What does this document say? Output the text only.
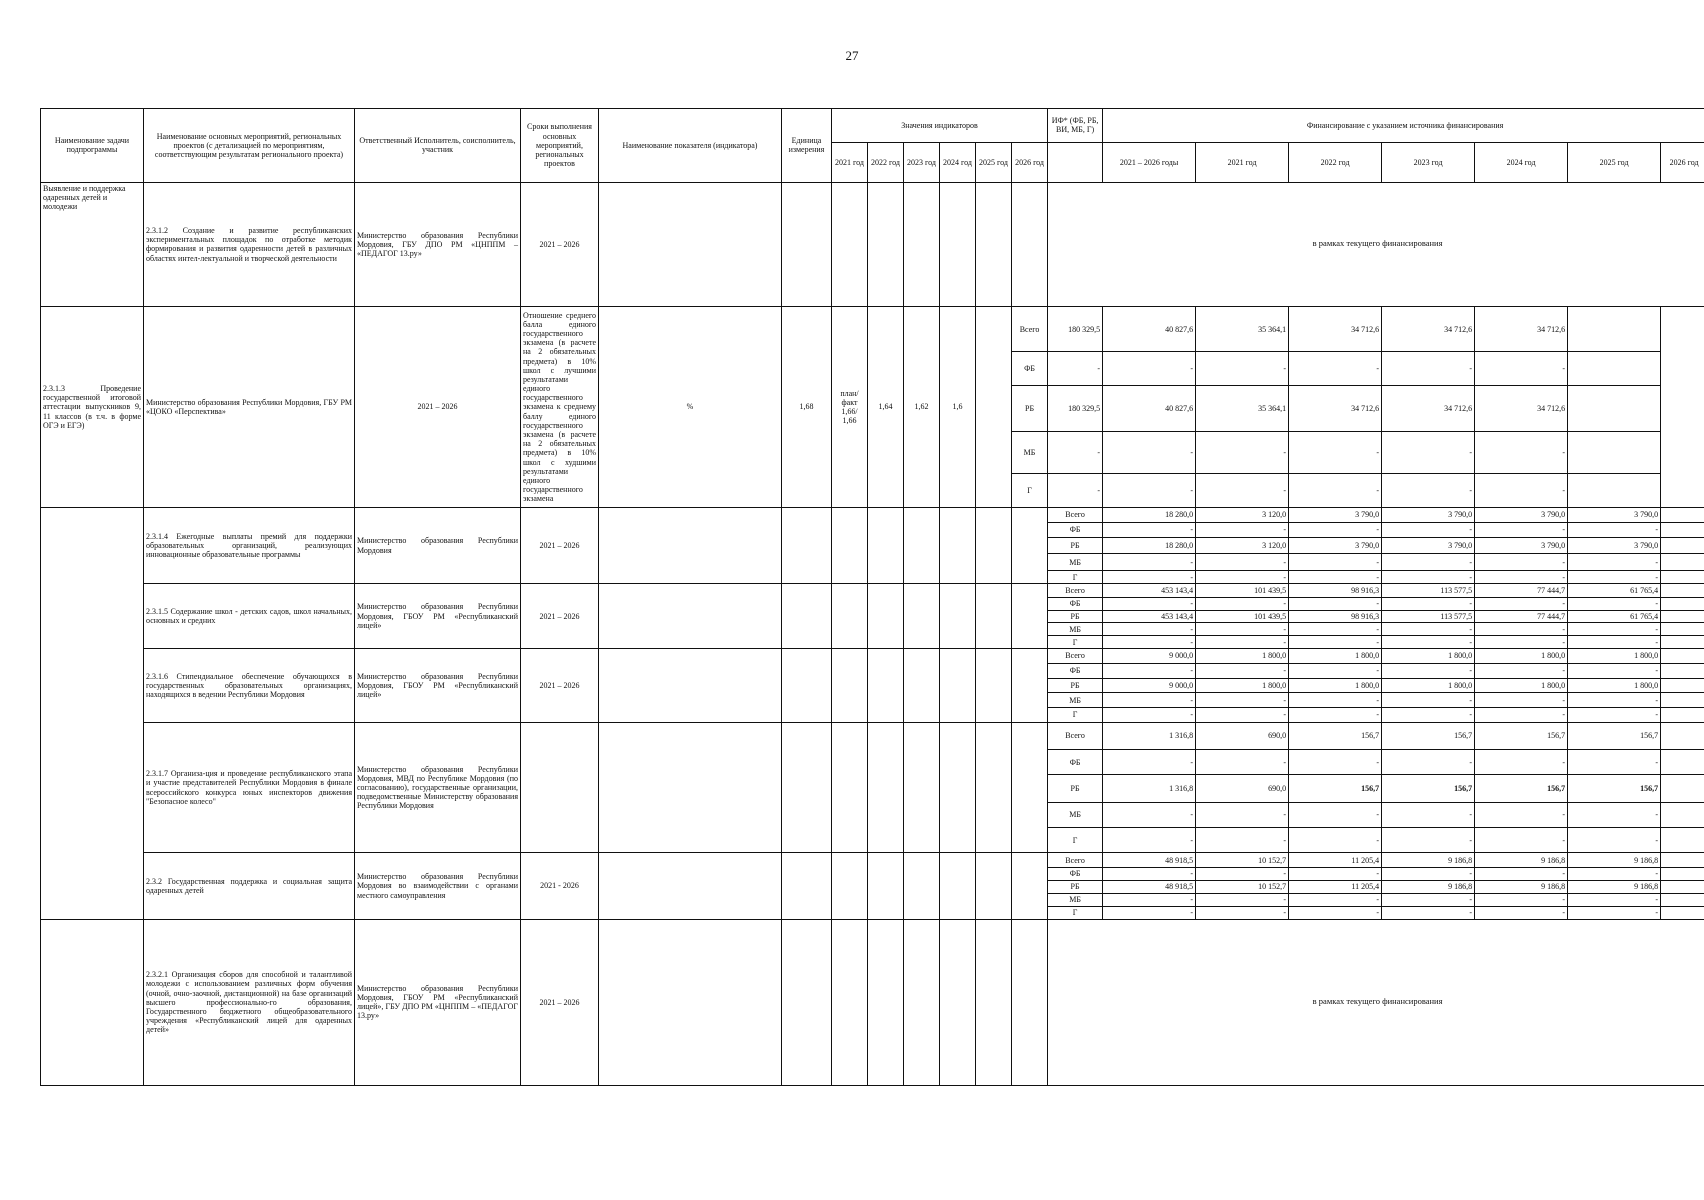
27
Наименование задачи подпрограммы	Наименование основных мероприятий, региональных проектов (с детализацией по мероприятиям, соответствующим результатам регионального проекта)	Ответственный Исполнитель, соисполнитель, участник	Сроки выполнения основных мероприятий, региональных проектов	Наименование показателя (индикатора)	Единица измерения	Значения индикаторов						ИФ* (ФБ, РБ, ВИ, МБ, Г)	Финансирование с указанием источника финансирования						
						2021 год	2022 год	2023 год	2024 год	2025 год	2026 год		2021 – 2026 годы	2021 год	2022 год	2023 год	2024 год	2025 год	2026 год
Выявление и поддержка одаренных детей и молодежи	2.3.1.2 Создание и развитие республиканских экспериментальных площадок по отработке методик формирования и развития одаренности детей в различных областях интел-лектуальной и творческой деятельности	Министерство образования Республики Мордовия, ГБУ ДПО РМ «ЦНППМ – «ПЕДАГОГ 13.ру»	2021 – 2026									в рамках текущего финансирования							
2.3.1.3 Проведение государственной итоговой аттестации выпускников 9, 11 классов (в т.ч. в форме ОГЭ и ЕГЭ)	Министерство образования Республики Мордовия, ГБУ РМ «ЦОКО «Перспектива»	2021 – 2026	Отношение среднего балла единого государственного экзамена (в расчете на 2 обязательных предмета) в 10% школ с лучшими результатами единого государственного экзамена к среднему баллу единого государственного экзамена (в расчете на 2 обязательных предмета) в 10% школ с худшими результатами единого государственного экзамена	%	1,68	план/ факт 1,66/ 1,66	1,64	1,62	1,6		Всего	180 329,5	40 827,6	35 364,1	34 712,6	34 712,6	34 712,6		
											ФБ	-	-	-	-	-	-		
											РБ	180 329,5	40 827,6	35 364,1	34 712,6	34 712,6	34 712,6		
											МБ	-	-	-	-	-	-		
											Г	-	-	-	-	-	-		
	2.3.1.4 Ежегодные выплаты премий для поддержки образовательных организаций, реализующих инновационные образовательные программы	Министерство образования Республики Мордовия	2021 – 2026									Всего	18 280,0	3 120,0	3 790,0	3 790,0	3 790,0	3 790,0	
												ФБ	-	-	-	-	-	-	
												РБ	18 280,0	3 120,0	3 790,0	3 790,0	3 790,0	3 790,0	
												МБ	-	-	-	-	-	-	
												Г	-	-	-	-	-	-	
	2.3.1.5 Содержание школ - детских садов, школ начальных, основных и средних	Министерство образования Республики Мордовия, ГБОУ РМ «Республиканский лицей»	2021 – 2026									Всего	453 143,4	101 439,5	98 916,3	113 577,5	77 444,7	61 765,4	
												ФБ	-	-	-	-	-	-	
												РБ	453 143,4	101 439,5	98 916,3	113 577,5	77 444,7	61 765,4	
												МБ	-	-	-	-	-	-	
												Г	-	-	-	-	-	-	
	2.3.1.6 Стипендиальное обеспечение обучающихся в государственных образовательных организациях, находящихся в ведении Республики Мордовия	Министерство образования Республики Мордовия, ГБОУ РМ «Республиканский лицей»	2021 – 2026									Всего	9 000,0	1 800,0	1 800,0	1 800,0	1 800,0	1 800,0	
												ФБ	-	-	-	-	-	-	
												РБ	9 000,0	1 800,0	1 800,0	1 800,0	1 800,0	1 800,0	
												МБ	-	-	-	-	-	-	
												Г	-	-	-	-	-	-	
	2.3.1.7 Организа-ция и проведение республиканского этапа и участие представителей Республики Мордовия в финале всероссийского конкурса юных инспекторов движения "Безопасное колесо"	Министерство образования Республики Мордовия, МВД по Республике Мордовия (по согласованию), государственные организации, подведомственные Министерству образования Республики Мордовия										Всего	1 316,8	690,0	156,7	156,7	156,7	156,7	
												ФБ	-	-	-	-	-	-	
												РБ	1 316,8	690,0	156,7	156,7	156,7	156,7	
												МБ	-	-	-	-	-	-	
												Г	-	-	-	-	-	-	
	2.3.2 Государственная поддержка и социальная защита одаренных детей	Министерство образования Республики Мордовия во взаимодействии с органами местного самоуправления	2021 - 2026									Всего	48 918,5	10 152,7	11 205,4	9 186,8	9 186,8	9 186,8	
												ФБ	-	-	-	-	-	-	
												РБ	48 918,5	10 152,7	11 205,4	9 186,8	9 186,8	9 186,8	
												МБ	-	-	-	-	-	-	
												Г	-	-	-	-	-	-	
	2.3.2.1 Организация сборов для способной и талантливой молодежи с использованием различных форм обучения (очной, очно-заочной, дистанционной) на базе организаций высшего профессионально-го образования, Государственного бюджетного общеобразовательного учреждения «Республиканский лицей для одаренных детей»	Министерство образования Республики Мордовия, ГБОУ РМ «Республиканский лицей», ГБУ ДПО РМ «ЦНППМ – «ПЕДАГОГ 13.ру»	2021 – 2026									в рамках текущего финансирования							
